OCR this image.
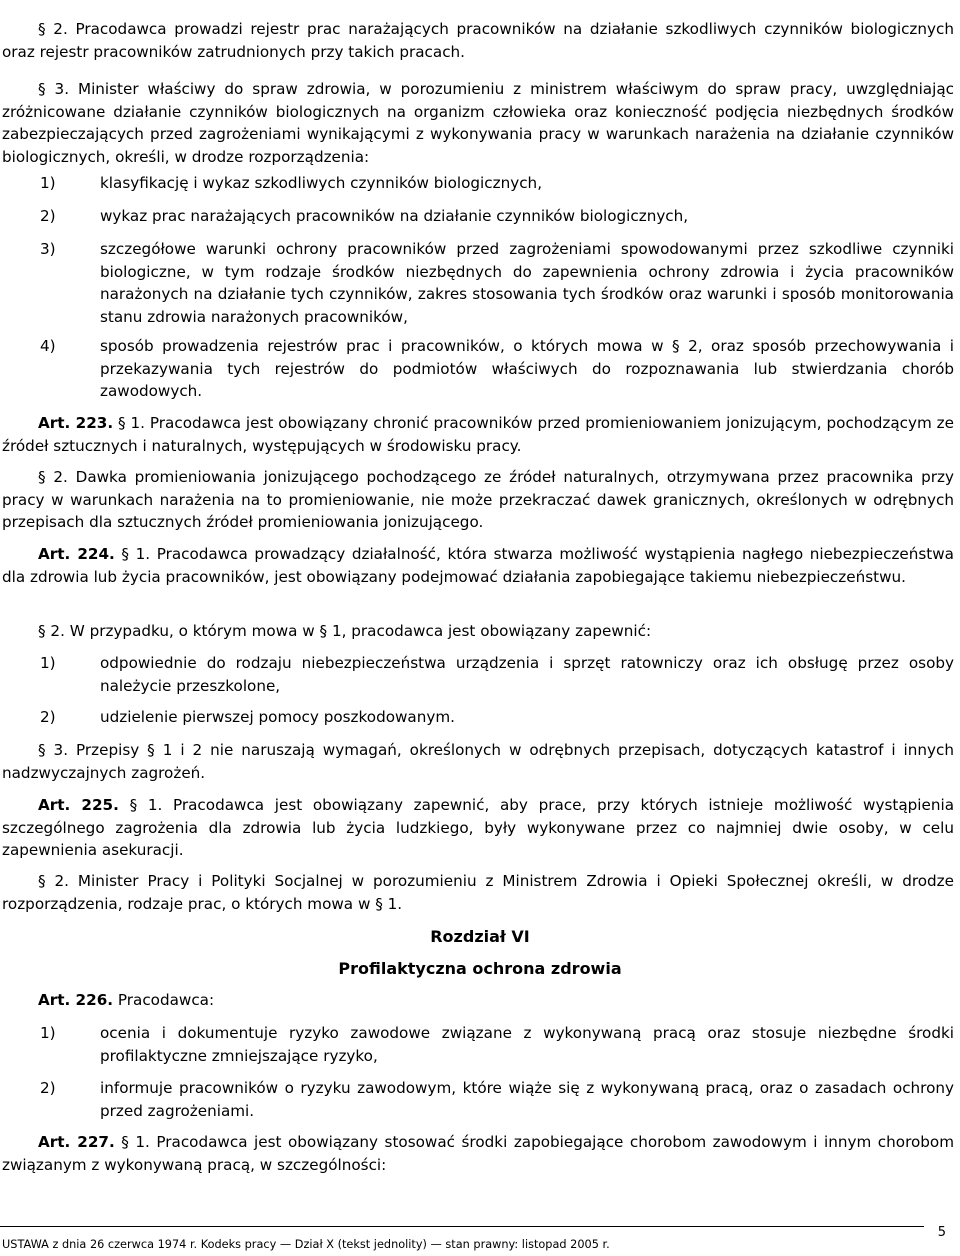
§ 2. Pracodawca prowadzi rejestr prac narażających pracowników na działanie szkodliwych czynników biologicznych oraz rejestr pracowników zatrudnionych przy takich pracach.

§ 3. Minister właściwy do spraw zdrowia, w porozumieniu z ministrem właściwym do spraw pracy, uwzględniając zróżnicowane działanie czynników biologicznych na organizm człowieka oraz konieczność podjęcia niezbędnych środków zabezpieczających przed zagrożeniami wynikającymi z wykonywania pracy w warunkach narażenia na działanie czynników biologicznych, określi, w drodze rozporządzenia:

1)	klasyfikację i wykaz szkodliwych czynników biologicznych,

2)	wykaz prac narażających pracowników na działanie czynników biologicznych,

3)	szczegółowe warunki ochrony pracowników przed zagrożeniami spowodowanymi przez szkodliwe czynniki biologiczne, w tym rodzaje środków niezbędnych do zapewnienia ochrony zdrowia i życia pracowników narażonych na działanie tych czynników, zakres stosowania tych środków oraz warunki i sposób monitorowania stanu zdrowia narażonych pracowników,

4)	sposób prowadzenia rejestrów prac i pracowników, o których mowa w § 2, oraz sposób przechowywania i przekazywania tych rejestrów do podmiotów właściwych do rozpoznawania lub stwierdzania chorób zawodowych.

Art. 223. § 1. Pracodawca jest obowiązany chronić pracowników przed promieniowaniem jonizującym, pochodzącym ze źródeł sztucznych i naturalnych, występujących w środowisku pracy.

§ 2. Dawka promieniowania jonizującego pochodzącego ze źródeł naturalnych, otrzymywana przez pracownika przy pracy w warunkach narażenia na to promieniowanie, nie może przekraczać dawek granicznych, określonych w odrębnych przepisach dla sztucznych źródeł promieniowania jonizującego.

Art. 224. § 1. Pracodawca prowadzący działalność, która stwarza możliwość wystąpienia nagłego niebezpieczeństwa dla zdrowia lub życia pracowników, jest obowiązany podejmować działania zapobiegające takiemu niebezpieczeństwu.

§ 2. W przypadku, o którym mowa w § 1, pracodawca jest obowiązany zapewnić:

1)	odpowiednie do rodzaju niebezpieczeństwa urządzenia i sprzęt ratowniczy oraz ich obsługę przez osoby należycie przeszkolone,

2)	udzielenie pierwszej pomocy poszkodowanym.

§ 3. Przepisy § 1 i 2 nie naruszają wymagań, określonych w odrębnych przepisach, dotyczących katastrof i innych nadzwyczajnych zagrożeń.

Art. 225. § 1. Pracodawca jest obowiązany zapewnić, aby prace, przy których istnieje możliwość wystąpienia szczególnego zagrożenia dla zdrowia lub życia ludzkiego, były wykonywane przez co najmniej dwie osoby, w celu zapewnienia asekuracji.

§ 2. Minister Pracy i Polityki Socjalnej w porozumieniu z Ministrem Zdrowia i Opieki Społecznej określi, w drodze rozporządzenia, rodzaje prac, o których mowa w § 1.

Rozdział VI
Profilaktyczna ochrona zdrowia

Art. 226. Pracodawca:

1)	ocenia i dokumentuje ryzyko zawodowe związane z wykonywaną pracą oraz stosuje niezbędne środki profilaktyczne zmniejszające ryzyko,

2)	informuje pracowników o ryzyku zawodowym, które wiąże się z wykonywaną pracą, oraz o zasadach ochrony przed zagrożeniami.

Art. 227. § 1. Pracodawca jest obowiązany stosować środki zapobiegające chorobom zawodowym i innym chorobom związanym z wykonywaną pracą, w szczególności:

5
USTAWA z dnia 26 czerwca 1974 r. Kodeks pracy — Dział X (tekst jednolity) — stan prawny: listopad 2005 r.
